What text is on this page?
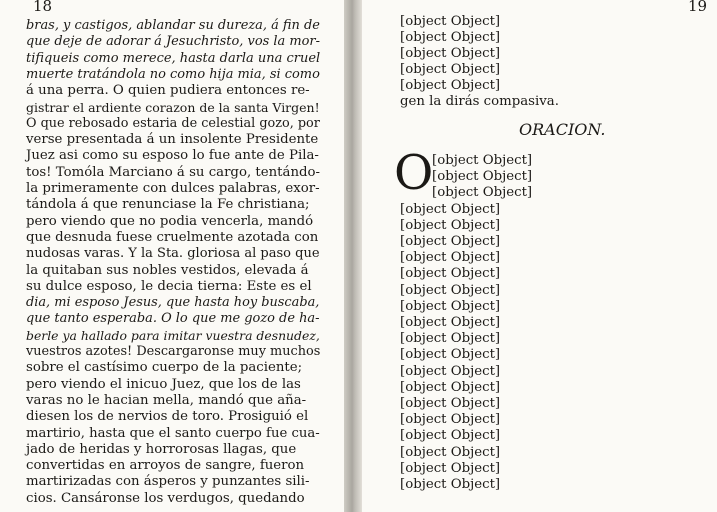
18	19
bras, y castigos, ablandar su dureza, á fin de
que deje de adorar á Jesuchristo, vos la mor-
tifiqueis como merece, hasta darla una cruel
muerte tratándola no como hija mia, si como
á una perra. O quien pudiera entonces re-
gistrar el ardiente corazon de la santa Virgen!
O que rebosado estaria de celestial gozo, por
verse presentada á un insolente Presidente
Juez asi como su esposo lo fue ante de Pila-
tos! Tomóla Marciano á su cargo, tentándo-
la primeramente con dulces palabras, exor-
tándola á que renunciase la Fe christiana;
pero viendo que no podia vencerla, mandó
que desnuda fuese cruelmente azotada con
nudosas varas. Y la Sta. gloriosa al paso que
la quitaban sus nobles vestidos, elevada á
su dulce esposo, le decia tierna: Este es el
dia, mi esposo Jesus, que hasta hoy buscaba,
que tanto esperaba. O lo que me gozo de ha-
berle ya hallado para imitar vuestra desnudez,
vuestros azotes! Descargaronse muy muchos
sobre el castísimo cuerpo de la paciente;
pero viendo el inicuo Juez, que los de las
varas no le hacian mella, mandó que aña-
diesen los de nervios de toro. Prosiguió el
martirio, hasta que el santo cuerpo fue cua-
jado de heridas y horrorosas llagas, que
convertidas en arroyos de sangre, fueron
martirizadas con ásperos y punzantes sili-
cios. Cansáronse los verdugos, quedando
[object Object]
[object Object]
[object Object]
[object Object]
[object Object]
gen la dirás compasiva.
ORACION.
O
[object Object]
[object Object]
[object Object]
[object Object]
[object Object]
[object Object]
[object Object]
[object Object]
[object Object]
[object Object]
[object Object]
[object Object]
[object Object]
[object Object]
[object Object]
[object Object]
[object Object]
[object Object]
[object Object]
[object Object]
[object Object]
